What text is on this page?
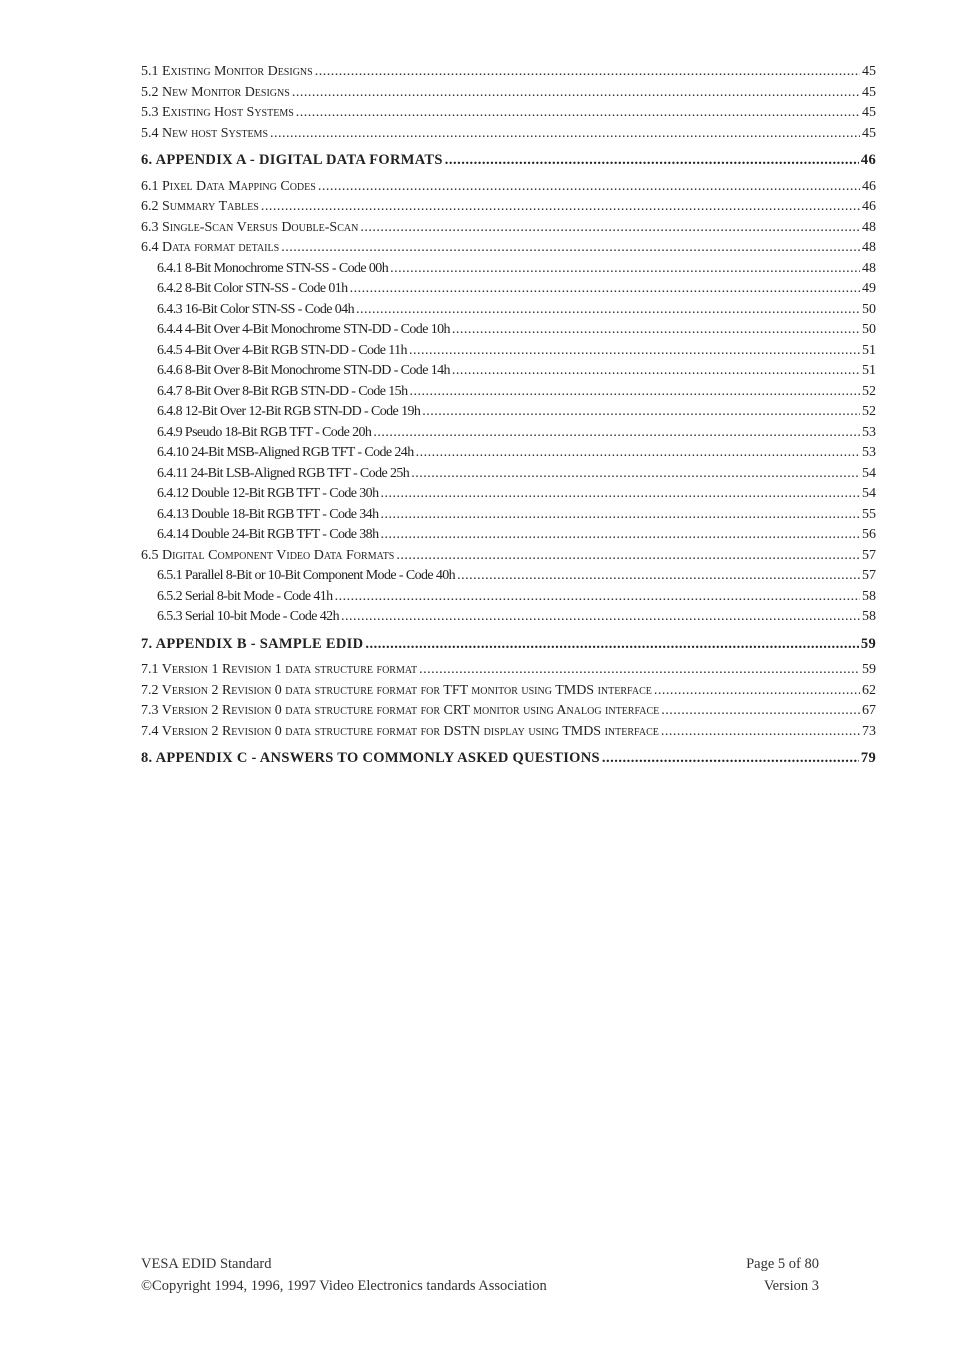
5.1 Existing Monitor Designs .....	45
5.2 New Monitor Designs .....	45
5.3 Existing Host Systems .....	45
5.4 New host Systems .....	45
6. APPENDIX A - DIGITAL DATA FORMATS .....	46
6.1 Pixel Data Mapping Codes .....	46
6.2 Summary Tables .....	46
6.3 Single-Scan Versus Double-Scan .....	48
6.4 Data format details .....	48
6.4.1 8-Bit Monochrome STN-SS - Code 00h .....	48
6.4.2 8-Bit Color STN-SS - Code 01h .....	49
6.4.3 16-Bit Color STN-SS - Code 04h .....	50
6.4.4 4-Bit Over 4-Bit Monochrome STN-DD - Code 10h .....	50
6.4.5 4-Bit Over 4-Bit RGB STN-DD - Code 11h .....	51
6.4.6 8-Bit Over 8-Bit Monochrome STN-DD - Code 14h .....	51
6.4.7 8-Bit Over 8-Bit RGB STN-DD - Code 15h .....	52
6.4.8 12-Bit Over 12-Bit RGB STN-DD - Code 19h .....	52
6.4.9 Pseudo 18-Bit RGB TFT - Code 20h .....	53
6.4.10 24-Bit MSB-Aligned RGB TFT - Code 24h .....	53
6.4.11 24-Bit LSB-Aligned RGB TFT - Code 25h .....	54
6.4.12 Double 12-Bit RGB TFT - Code 30h .....	54
6.4.13 Double 18-Bit RGB TFT - Code 34h .....	55
6.4.14 Double 24-Bit RGB TFT - Code 38h .....	56
6.5 Digital Component Video Data Formats .....	57
6.5.1 Parallel 8-Bit or 10-Bit Component Mode - Code 40h .....	57
6.5.2 Serial 8-bit Mode - Code 41h .....	58
6.5.3 Serial 10-bit Mode - Code 42h .....	58
7. APPENDIX B - SAMPLE EDID .....	59
7.1 Version 1 Revision 1 data structure format .....	59
7.2 Version 2 Revision 0 data structure format for TFT monitor using TMDS interface .....	62
7.3 Version 2 Revision 0 data structure format for CRT monitor using Analog interface .....	67
7.4 Version 2 Revision 0 data structure format for DSTN display using TMDS interface .....	73
8. APPENDIX C - ANSWERS TO COMMONLY ASKED QUESTIONS .....	79
VESA EDID Standard	Page 5 of 80
©Copyright 1994, 1996, 1997 Video Electronics tandards Association	Version 3
